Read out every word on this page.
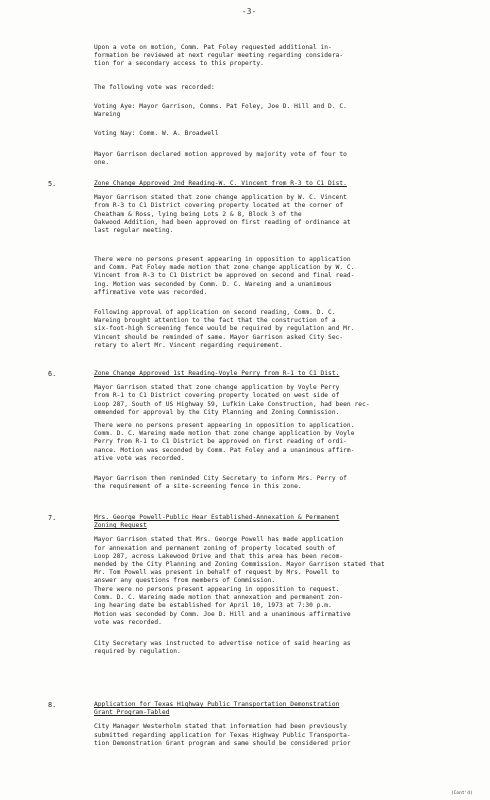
-3-
Upon a vote on motion, Comm. Pat Foley requested additional in-
formation be reviewed at next regular meeting regarding considera-
tion for a secondary access to this property.
The following vote was recorded:
Voting Aye: Mayor Garrison, Comms. Pat Foley, Joe D. Hill and D. C.
Wareing
Voting Nay: Comm. W. A. Broadwell
Mayor Garrison declared motion approved by majority vote of four to
one.
5.	Zone Change Approved 2nd Reading-W. C. Vincent from R-3 to C1 Dist.
Mayor Garrison stated that zone change application by W. C. Vincent
from R-3 to C1 District covering property located at the corner of
Cheatham & Ross, lying being Lots 2 & 8, Block 3 of the
Oakwood Addition, had been approved on first reading of ordinance at
last regular meeting.
There were no persons present appearing in opposition to application
and Comm. Pat Foley made motion that zone change application by W. C.
Vincent from R-3 to C1 District be approved on second and final read-
ing. Motion was seconded by Comm. D. C. Wareing and a unanimous
affirmative vote was recorded.
Following approval of application on second reading, Comm. D. C.
Wareing brought attention to the fact that the construction of a
six-foot-high Screening fence would be required by regulation and Mr.
Vincent should be reminded of same. Mayor Garrison asked City Sec-
retary to alert Mr. Vincent regarding requirement.
6.	Zone Change Approved 1st Reading-Voyle Perry from R-1 to C1 Dist.
Mayor Garrison stated that zone change application by Voyle Perry
from R-1 to C1 District covering property located on west side of
Loop 287, South of US Highway 59, Lufkin Lake Construction, had been rec-
ommended for approval by the City Planning and Zoning Commission.
There were no persons present appearing in opposition to application.
Comm. D. C. Wareing made motion that zone change application by Voyle
Perry from R-1 to C1 District be approved on first reading of ordi-
nance. Motion was seconded by Comm. Pat Foley and a unanimous affirm-
ative vote was recorded.
Mayor Garrison then reminded City Secretary to inform Mrs. Perry of
the requirement of a site-screening fence in this zone.
7.	Mrs. George Powell-Public Hear Established-Annexation & Permanent
Zoning Request
Mayor Garrison stated that Mrs. George Powell has made application
for annexation and permanent zoning of property located south of
Loop 287, across Lakewood Drive and that this area has been recom-
mended by the City Planning and Zoning Commission. Mayor Garrison stated that
Mr. Tom Powell was present in behalf of request by Mrs. Powell to
answer any questions from members of Commission.
There were no persons present appearing in opposition to request.
Comm. D. C. Wareing made motion that annexation and permanent zon-
ing hearing date be established for April 10, 1973 at 7:30 p.m.
Motion was seconded by Comm. Joe D. Hill and a unanimous affirmative
vote was recorded.
City Secretary was instructed to advertise notice of said hearing as
required by regulation.
8.	Application for Texas Highway Public Transportation Demonstration
Grant Program-Tabled
City Manager Westerholm stated that information had been previously
submitted regarding application for Texas Highway Public Transporta-
tion Demonstration Grant program and same should be considered prior
(Cont'd)
